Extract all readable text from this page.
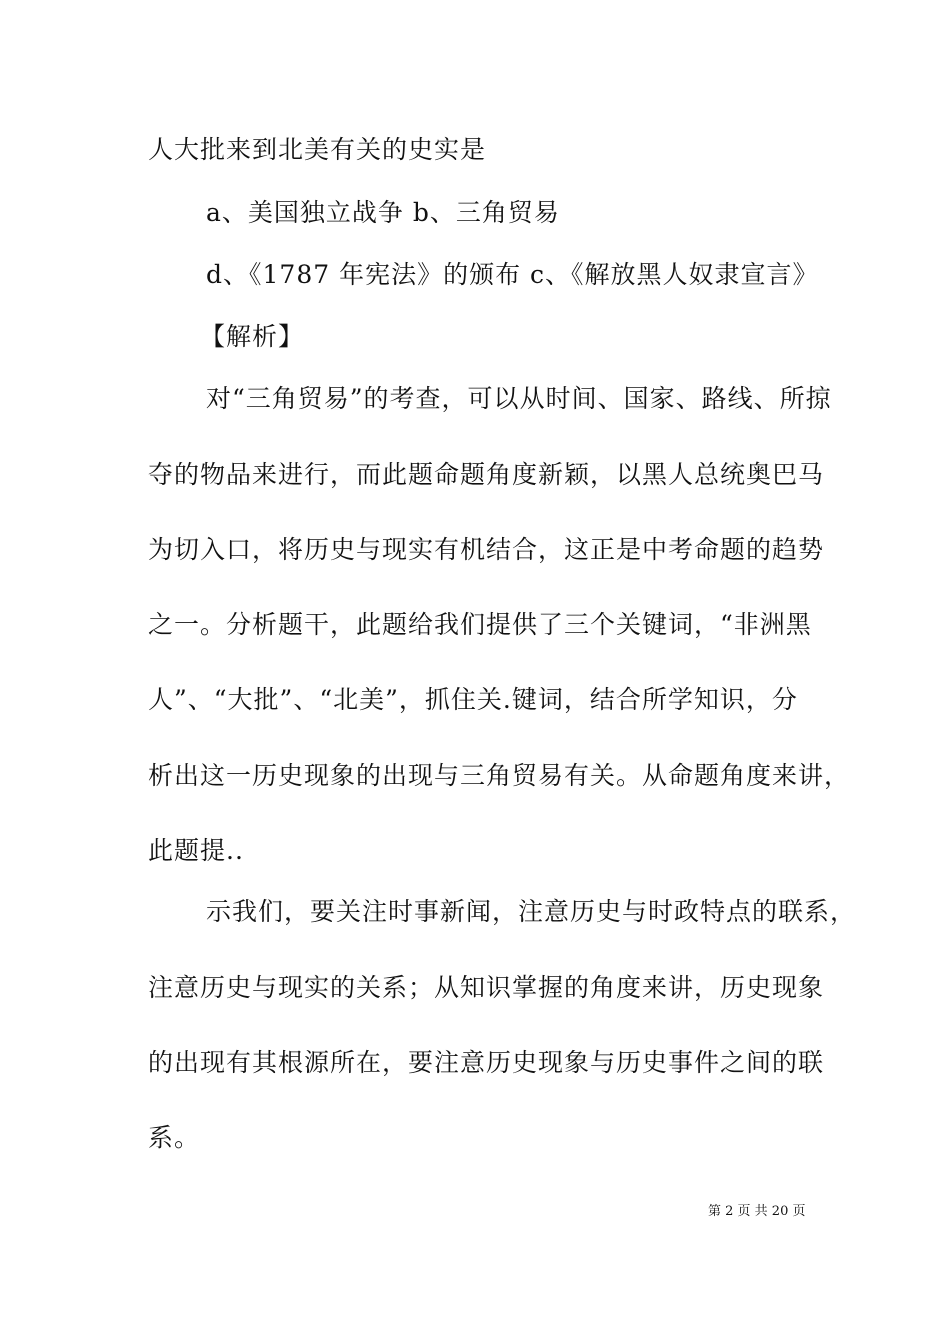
人大批来到北美有关的史实是
a、美国独立战争 b、三角贸易
d、《1787 年宪法》的颁布 c、《解放黑人奴隶宣言》
【解析】
对“三角贸易”的考查，可以从时间、国家、路线、所掠
夺的物品来进行，而此题命题角度新颖，以黑人总统奥巴马
为切入口，将历史与现实有机结合，这正是中考命题的趋势
之一。分析题干，此题给我们提供了三个关键词，“非洲黑
人”、“大批”、“北美”，抓住关.键词，结合所学知识，分
析出这一历史现象的出现与三角贸易有关。从命题角度来讲，
此题提..
示我们，要关注时事新闻，注意历史与时政特点的联系，
注意历史与现实的关系；从知识掌握的角度来讲，历史现象
的出现有其根源所在，要注意历史现象与历史事件之间的联
系。
第 2 页 共 20 页
